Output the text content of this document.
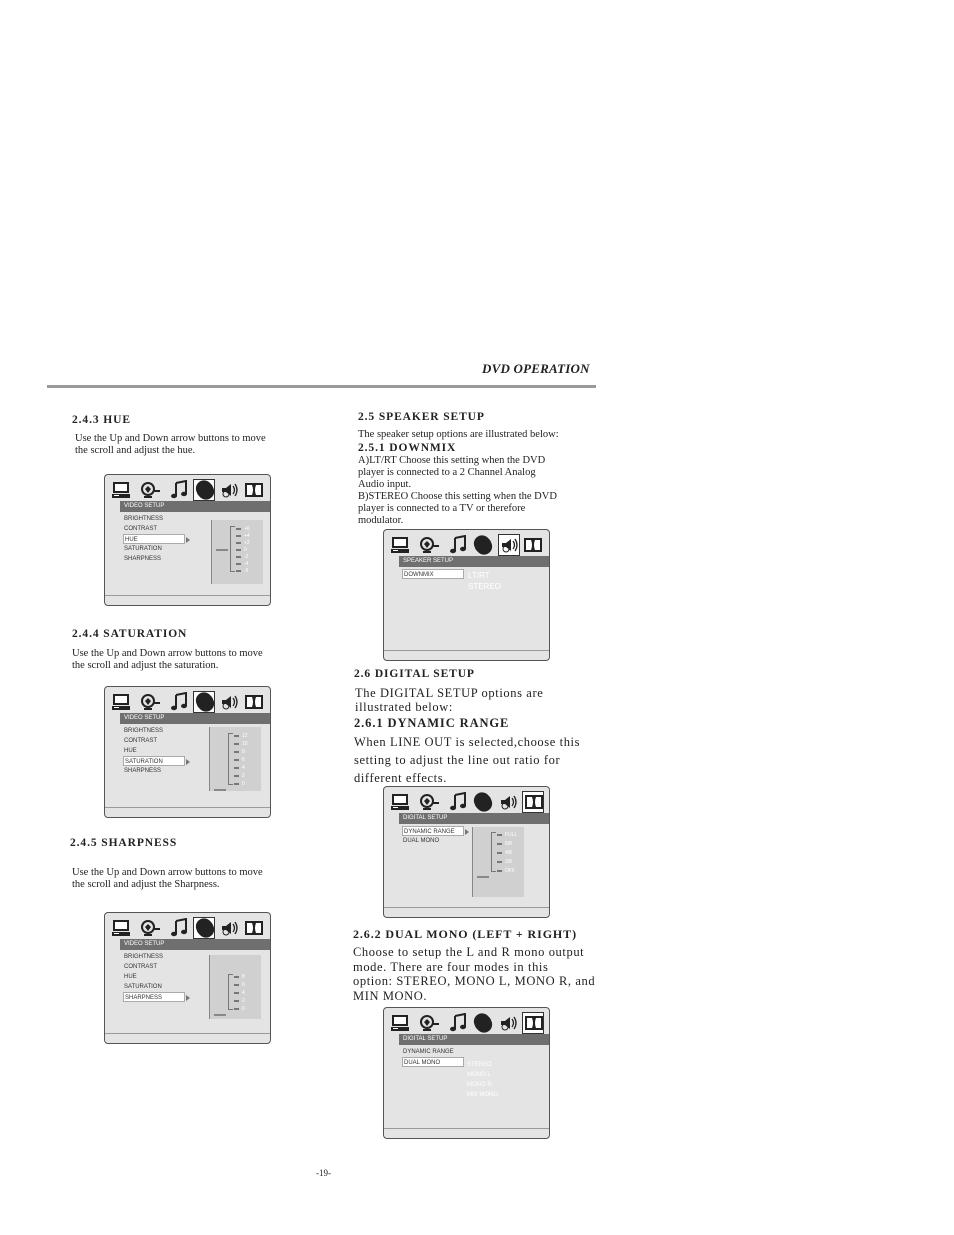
DVD OPERATION
2.4.3 HUE
Use the Up and Down arrow buttons to move
the scroll and adjust the hue.
VIDEO SETUP
BRIGHTNESS
CONTRAST
HUE
SATURATION
SHARPNESS
+6
+4
+2
0
-2
-4
-6
2.4.4 SATURATION
Use the Up and Down arrow buttons to move
the scroll and adjust the saturation.
VIDEO SETUP
BRIGHTNESS
CONTRAST
HUE
SATURATION
SHARPNESS
12
10
8
6
4
2
0
2.4.5 SHARPNESS
Use the Up and Down arrow buttons to move
the scroll and adjust the Sharpness.
VIDEO SETUP
BRIGHTNESS
CONTRAST
HUE
SATURATION
SHARPNESS
8
6
4
2
0
2.5 SPEAKER SETUP
The speaker setup options are illustrated below:
2.5.1 DOWNMIX
A)LT/RT Choose this setting when the DVD
player is connected to a 2 Channel Analog
Audio input.
B)STEREO Choose this setting when the DVD
player is connected to a TV or therefore
modulator.
SPEAKER SETUP
DOWNMIX	LT/RT
STEREO
2.6 DIGITAL SETUP
The DIGITAL SETUP options are
illustrated below:
2.6.1 DYNAMIC RANGE
When LINE OUT is selected,choose this
setting to adjust the line out ratio for
different effects.
DIGITAL SETUP
DYNAMIC RANGE
DUAL MONO
FULL
6/8
4/8
2/8
OFF
2.6.2 DUAL MONO (LEFT + RIGHT)
Choose to setup the L and R mono output
mode. There are four modes in this
option: STEREO, MONO L, MONO R, and
MIN MONO.
DIGITAL SETUP
DYNAMIC RANGE
DUAL MONO	STEREO
MONO L
MONO R
MIX MONO
-19-
